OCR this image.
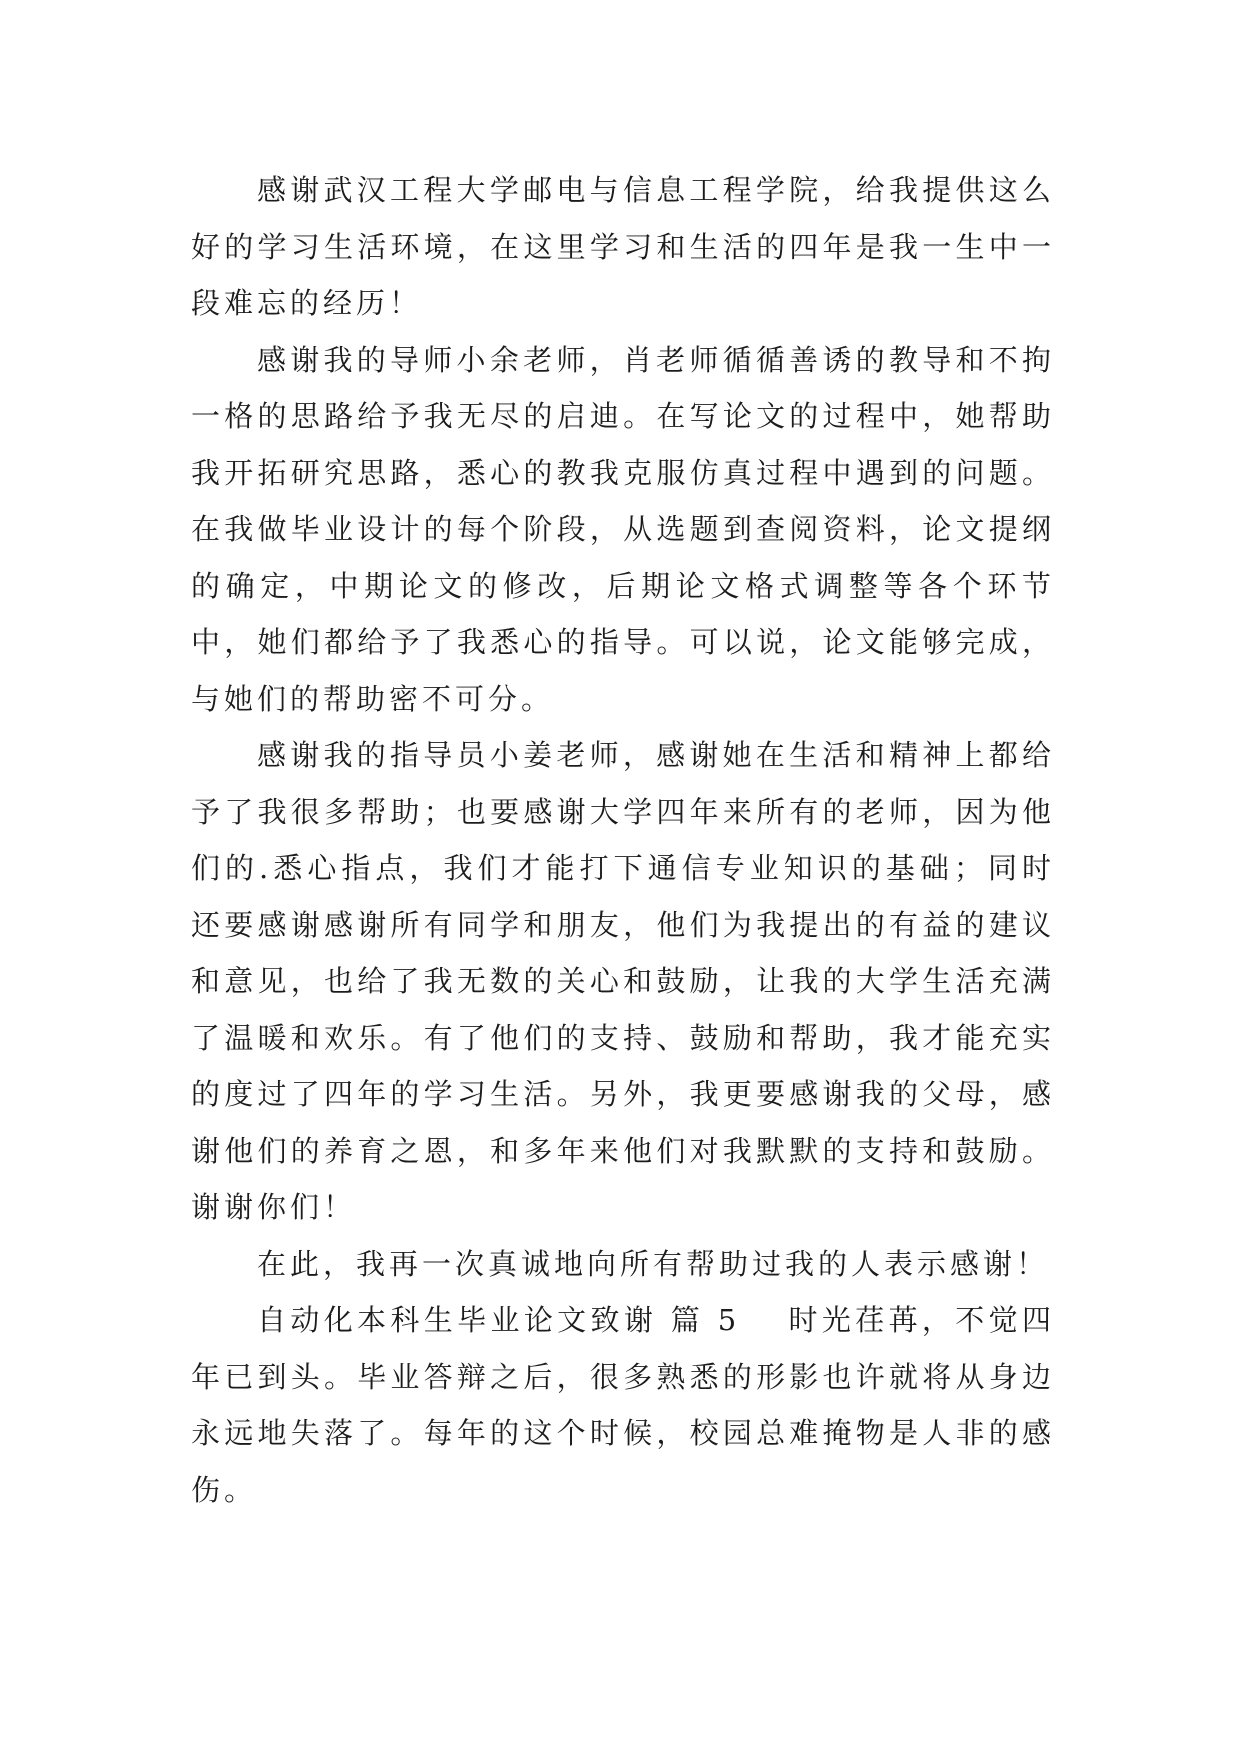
感谢武汉工程大学邮电与信息工程学院，给我提供这么好的学习生活环境，在这里学习和生活的四年是我一生中一段难忘的经历！

感谢我的导师小余老师，肖老师循循善诱的教导和不拘一格的思路给予我无尽的启迪。在写论文的过程中，她帮助我开拓研究思路，悉心的教我克服仿真过程中遇到的问题。在我做毕业设计的每个阶段，从选题到查阅资料，论文提纲的确定，中期论文的修改，后期论文格式调整等各个环节中，她们都给予了我悉心的指导。可以说，论文能够完成，与她们的帮助密不可分。

感谢我的指导员小姜老师，感谢她在生活和精神上都给予了我很多帮助；也要感谢大学四年来所有的老师，因为他们的.悉心指点，我们才能打下通信专业知识的基础；同时还要感谢感谢所有同学和朋友，他们为我提出的有益的建议和意见，也给了我无数的关心和鼓励，让我的大学生活充满了温暖和欢乐。有了他们的支持、鼓励和帮助，我才能充实的度过了四年的学习生活。另外，我更要感谢我的父母，感谢他们的养育之恩，和多年来他们对我默默的支持和鼓励。谢谢你们！

在此，我再一次真诚地向所有帮助过我的人表示感谢！

自动化本科生毕业论文致谢 篇 5 时光荏苒，不觉四年已到头。毕业答辩之后，很多熟悉的形影也许就将从身边永远地失落了。每年的这个时候，校园总难掩物是人非的感伤。
